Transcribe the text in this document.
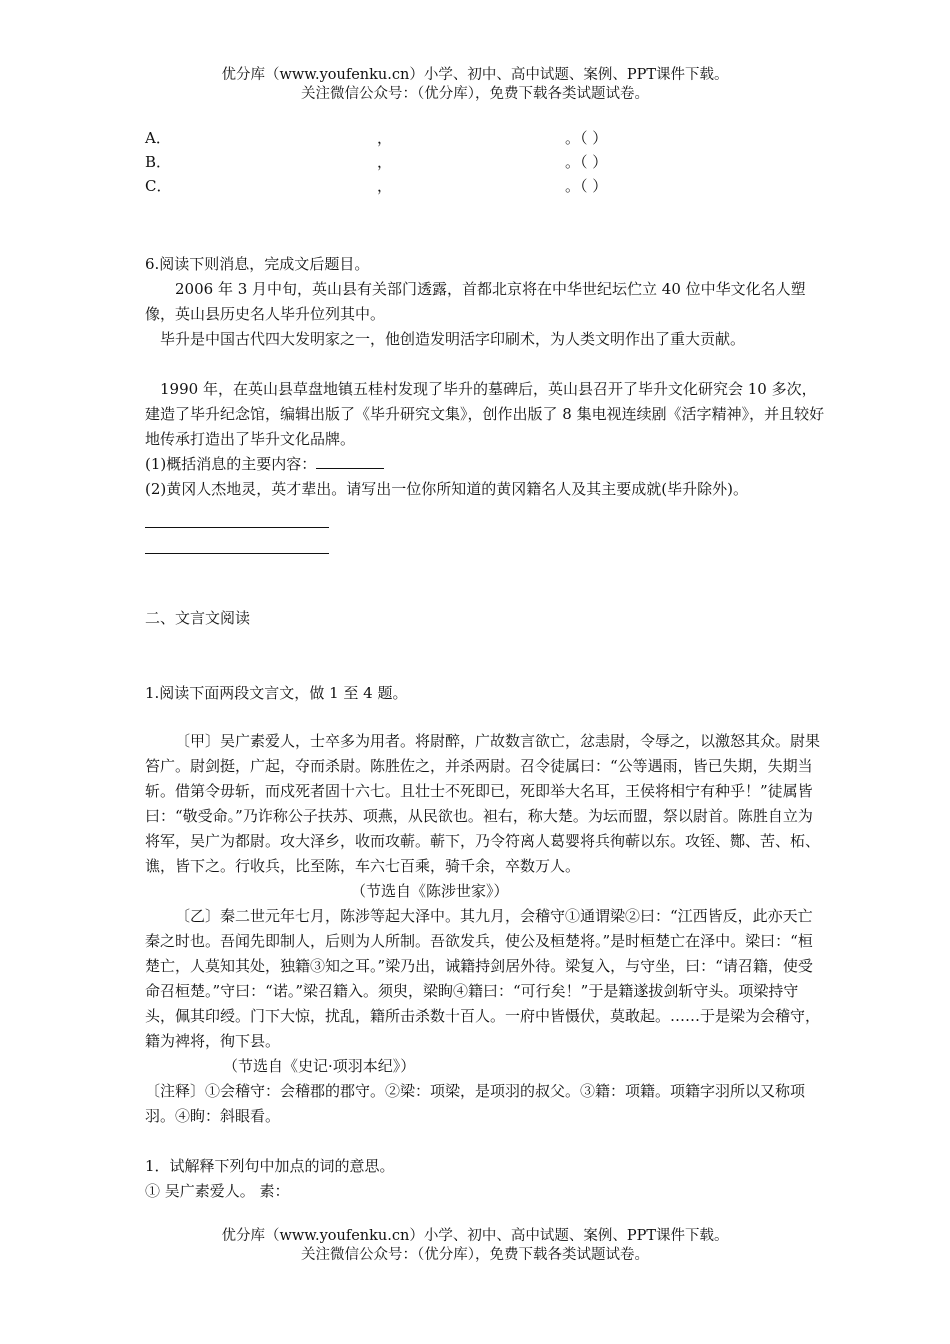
优分库（www.youfenku.cn）小学、初中、高中试题、案例、PPT课件下载。
关注微信公众号：（优分库），免费下载各类试题试卷。
A．	，	。（ ）
B．	，	。（ ）
C．	，	。（ ）

6.阅读下则消息，完成文后题目。

2006 年 3 月中旬，英山县有关部门透露，首都北京将在中华世纪坛伫立 40 位中华文化名人塑像，英山县历史名人毕升位列其中。

毕升是中国古代四大发明家之一，他创造发明活字印刷术，为人类文明作出了重大贡献。

1990 年，在英山县草盘地镇五桂村发现了毕升的墓碑后，英山县召开了毕升文化研究会 10 多次，建造了毕升纪念馆，编辑出版了《毕升研究文集》，创作出版了 8 集电视连续剧《活字精神》，并且较好地传承打造出了毕升文化品牌。

(1)概括消息的主要内容：

(2)黄冈人杰地灵，英才辈出。请写出一位你所知道的黄冈籍名人及其主要成就(毕升除外)。

二、文言文阅读

1.阅读下面两段文言文，做 1 至 4 题。

〔甲〕吴广素爱人，士卒多为用者。将尉醉，广故数言欲亡，忿恚尉，令辱之，以激怒其众。尉果笞广。尉剑挺，广起，夺而杀尉。陈胜佐之，并杀两尉。召令徒属曰：“公等遇雨，皆已失期，失期当斩。借第令毋斩，而戍死者固十六七。且壮士不死即已，死即举大名耳，王侯将相宁有种乎！”徒属皆曰：“敬受命。”乃诈称公子扶苏、项燕，从民欲也。袒右，称大楚。为坛而盟，祭以尉首。陈胜自立为将军，吴广为都尉。攻大泽乡，收而攻蕲。蕲下，乃令符离人葛婴将兵徇蕲以东。攻铚、酂、苦、柘、谯，皆下之。行收兵，比至陈，车六七百乘，骑千余，卒数万人。

（节选自《陈涉世家》）

〔乙〕秦二世元年七月，陈涉等起大泽中。其九月，会稽守①通谓梁②曰：“江西皆反，此亦天亡秦之时也。吾闻先即制人，后则为人所制。吾欲发兵，使公及桓楚将。”是时桓楚亡在泽中。梁曰：“桓楚亡，人莫知其处，独籍③知之耳。”梁乃出，诫籍持剑居外待。梁复入，与守坐，曰：“请召籍，使受命召桓楚。”守曰：“诺。”梁召籍入。须臾，梁眴④籍曰：“可行矣！”于是籍遂拔剑斩守头。项梁持守头，佩其印绶。门下大惊，扰乱，籍所击杀数十百人。一府中皆慑伏，莫敢起。……于是梁为会稽守，籍为裨将，徇下县。

（节选自《史记·项羽本纪》）

〔注释〕①会稽守：会稽郡的郡守。②梁：项梁，是项羽的叔父。③籍：项籍。项籍字羽所以又称项羽。④眴：斜眼看。

1．试解释下列句中加点的词的意思。

① 吴广素爱人。 素：

优分库（www.youfenku.cn）小学、初中、高中试题、案例、PPT课件下载。
关注微信公众号：（优分库），免费下载各类试题试卷。
